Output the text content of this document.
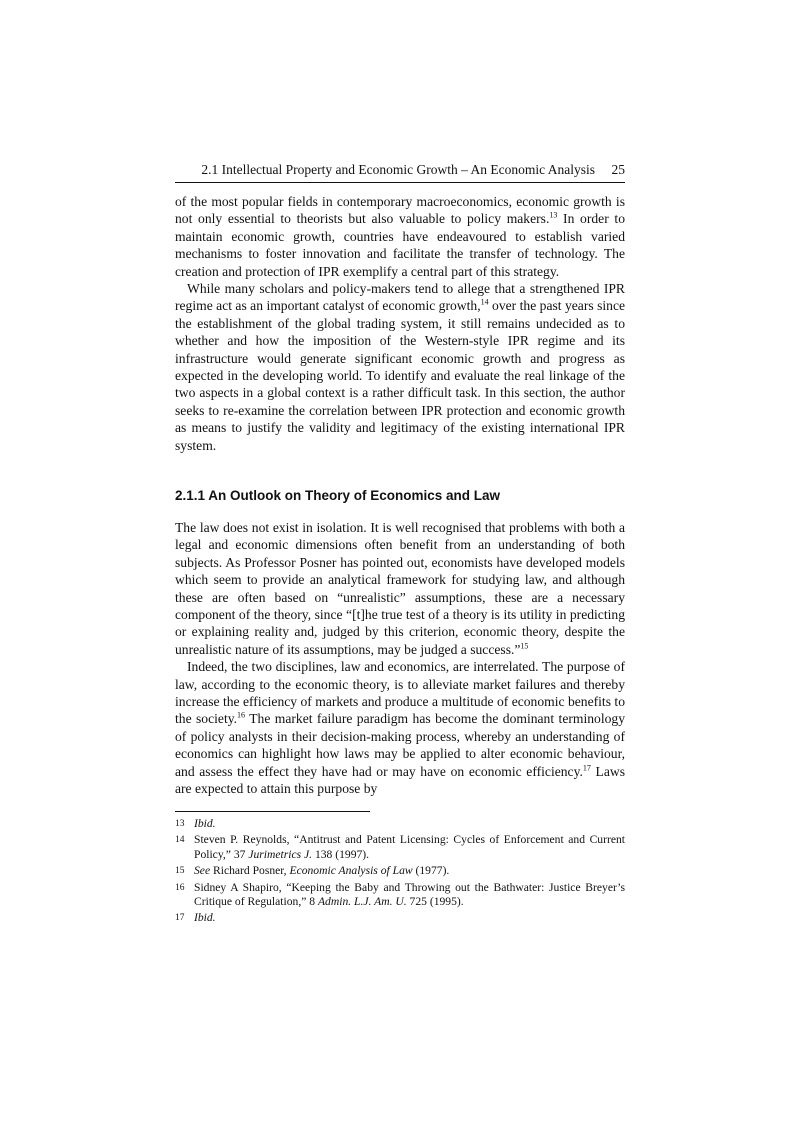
2.1 Intellectual Property and Economic Growth – An Economic Analysis 25

of the most popular fields in contemporary macroeconomics, economic growth is not only essential to theorists but also valuable to policy makers.$^{13}$ In order to maintain economic growth, countries have endeavoured to establish varied mechanisms to foster innovation and facilitate the transfer of technology. The creation and protection of IPR exemplify a central part of this strategy.

While many scholars and policy-makers tend to allege that a strengthened IPR regime act as an important catalyst of economic growth,$^{14}$ over the past years since the establishment of the global trading system, it still remains undecided as to whether and how the imposition of the Western-style IPR regime and its infrastructure would generate significant economic growth and progress as expected in the developing world. To identify and evaluate the real linkage of the two aspects in a global context is a rather difficult task. In this section, the author seeks to re-examine the correlation between IPR protection and economic growth as means to justify the validity and legitimacy of the existing international IPR system.

2.1.1 An Outlook on Theory of Economics and Law

The law does not exist in isolation. It is well recognised that problems with both a legal and economic dimensions often benefit from an understanding of both subjects. As Professor Posner has pointed out, economists have developed models which seem to provide an analytical framework for studying law, and although these are often based on “unrealistic” assumptions, these are a necessary component of the theory, since “[t]he true test of a theory is its utility in predicting or explaining reality and, judged by this criterion, economic theory, despite the unrealistic nature of its assumptions, may be judged a success.”$^{15}$

Indeed, the two disciplines, law and economics, are interrelated. The purpose of law, according to the economic theory, is to alleviate market failures and thereby increase the efficiency of markets and produce a multitude of economic benefits to the society.$^{16}$ The market failure paradigm has become the dominant terminology of policy analysts in their decision-making process, whereby an understanding of economics can highlight how laws may be applied to alter economic behaviour, and assess the effect they have had or may have on economic efficiency.$^{17}$ Laws are expected to attain this purpose by

13 Ibid.
14 Steven P. Reynolds, “Antitrust and Patent Licensing: Cycles of Enforcement and Current Policy,” 37 Jurimetrics J. 138 (1997).
15 See Richard Posner, Economic Analysis of Law (1977).
16 Sidney A Shapiro, “Keeping the Baby and Throwing out the Bathwater: Justice Breyer’s Critique of Regulation,” 8 Admin. L.J. Am. U. 725 (1995).
17 Ibid.
